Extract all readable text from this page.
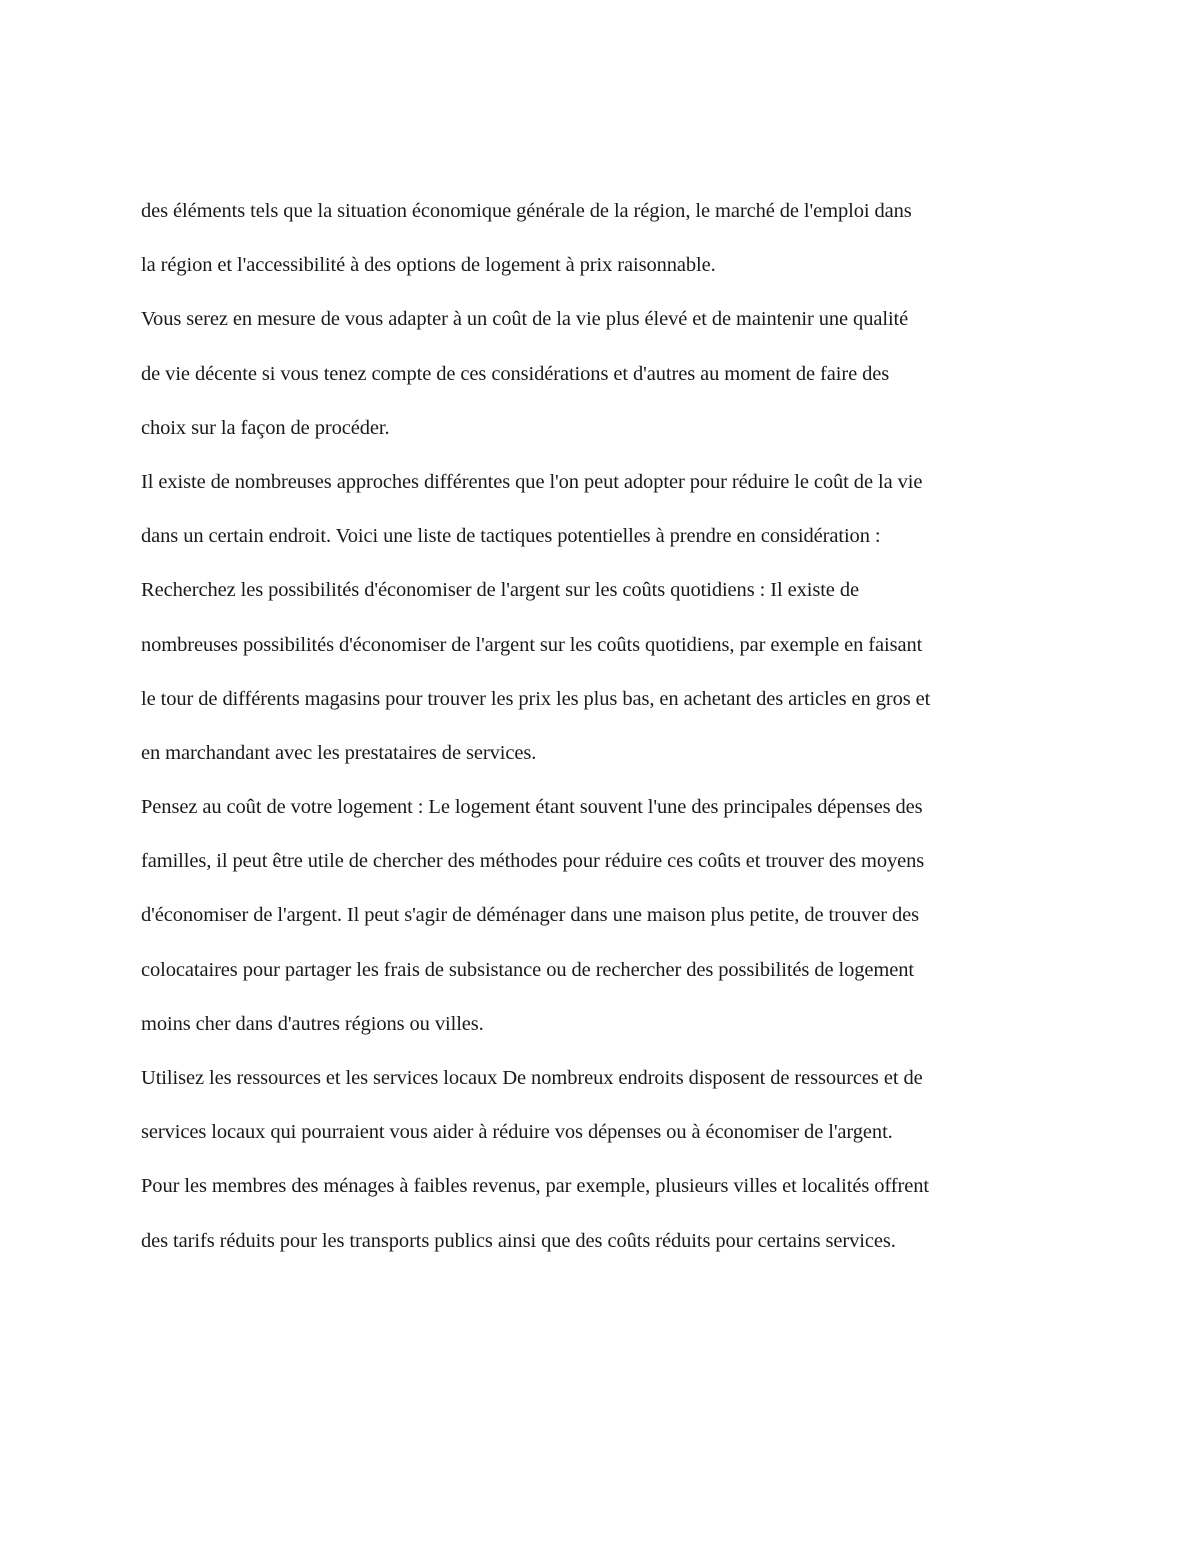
des éléments tels que la situation économique générale de la région, le marché de l'emploi dans
la région et l'accessibilité à des options de logement à prix raisonnable.
Vous serez en mesure de vous adapter à un coût de la vie plus élevé et de maintenir une qualité
de vie décente si vous tenez compte de ces considérations et d'autres au moment de faire des
choix sur la façon de procéder.
Il existe de nombreuses approches différentes que l'on peut adopter pour réduire le coût de la vie
dans un certain endroit. Voici une liste de tactiques potentielles à prendre en considération :
Recherchez les possibilités d'économiser de l'argent sur les coûts quotidiens : Il existe de
nombreuses possibilités d'économiser de l'argent sur les coûts quotidiens, par exemple en faisant
le tour de différents magasins pour trouver les prix les plus bas, en achetant des articles en gros et
en marchandant avec les prestataires de services.
Pensez au coût de votre logement : Le logement étant souvent l'une des principales dépenses des
familles, il peut être utile de chercher des méthodes pour réduire ces coûts et trouver des moyens
d'économiser de l'argent. Il peut s'agir de déménager dans une maison plus petite, de trouver des
colocataires pour partager les frais de subsistance ou de rechercher des possibilités de logement
moins cher dans d'autres régions ou villes.
Utilisez les ressources et les services locaux De nombreux endroits disposent de ressources et de
services locaux qui pourraient vous aider à réduire vos dépenses ou à économiser de l'argent.
Pour les membres des ménages à faibles revenus, par exemple, plusieurs villes et localités offrent
des tarifs réduits pour les transports publics ainsi que des coûts réduits pour certains services.
